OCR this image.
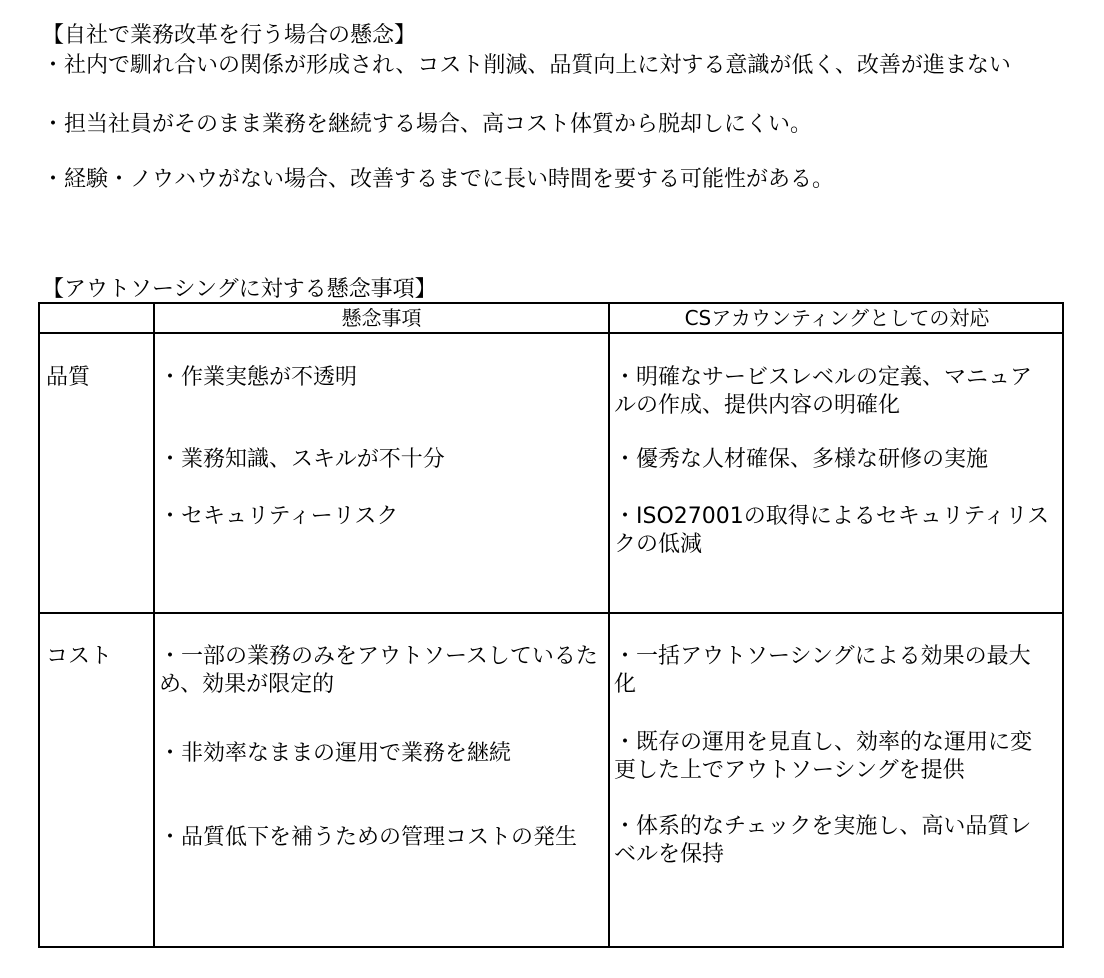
【自社で業務改革を行う場合の懸念】
・社内で馴れ合いの関係が形成され、コスト削減、品質向上に対する意識が低く、改善が進まない
・担当社員がそのまま業務を継続する場合、高コスト体質から脱却しにくい。
・経験・ノウハウがない場合、改善するまでに長い時間を要する可能性がある。
【アウトソーシングに対する懸念事項】
懸念事項	CSアカウンティングとしての対応
品質	・作業実態が不透明
・業務知識、スキルが不十分
・セキュリティーリスク
・明確なサービスレベルの定義、マニュアルの作成、提供内容の明確化
・優秀な人材確保、多様な研修の実施
・ISO27001の取得によるセキュリティリスクの低減
コスト ・一部の業務のみをアウトソースしているため、効果が限定的
・非効率なままの運用で業務を継続
・品質低下を補うための管理コストの発生
・一括アウトソーシングによる効果の最大化
・既存の運用を見直し、効率的な運用に変更した上でアウトソーシングを提供
・体系的なチェックを実施し、高い品質レベルを保持
